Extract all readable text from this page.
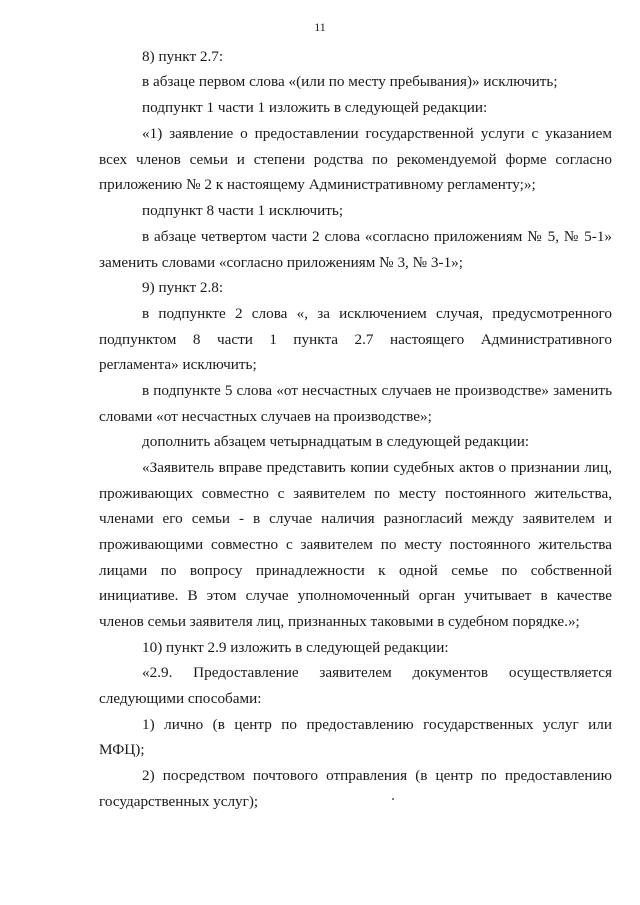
11
8) пункт 2.7:
в абзаце первом слова «(или по месту пребывания)» исключить;
подпункт 1 части 1 изложить в следующей редакции:
«1) заявление о предоставлении государственной услуги с указанием
всех членов семьи и степени родства по рекомендуемой форме согласно
приложению № 2 к настоящему Административному регламенту;»;
подпункт 8 части 1 исключить;
в абзаце четвертом части 2 слова «согласно приложениям № 5, № 5-1»
заменить словами «согласно приложениям № 3, № 3-1»;
9) пункт 2.8:
в подпункте 2 слова «, за исключением случая, предусмотренного
подпунктом 8 части 1 пункта 2.7 настоящего Административного
регламента» исключить;
в подпункте 5 слова «от несчастных случаев не производстве» заменить
словами «от несчастных случаев на производстве»;
дополнить абзацем четырнадцатым в следующей редакции:
«Заявитель вправе представить копии судебных актов о признании лиц,
проживающих совместно с заявителем по месту постоянного жительства,
членами его семьи - в случае наличия разногласий между заявителем и
проживающими совместно с заявителем по месту постоянного жительства
лицами по вопросу принадлежности к одной семье по собственной
инициативе. В этом случае уполномоченный орган учитывает в качестве
членов семьи заявителя лиц, признанных таковыми в судебном порядке.»;
10) пункт 2.9 изложить в следующей редакции:
«2.9. Предоставление заявителем документов осуществляется
следующими способами:
1) лично (в центр по предоставлению государственных услуг или
МФЦ);
2) посредством почтового отправления (в центр по предоставлению
государственных услуг);
